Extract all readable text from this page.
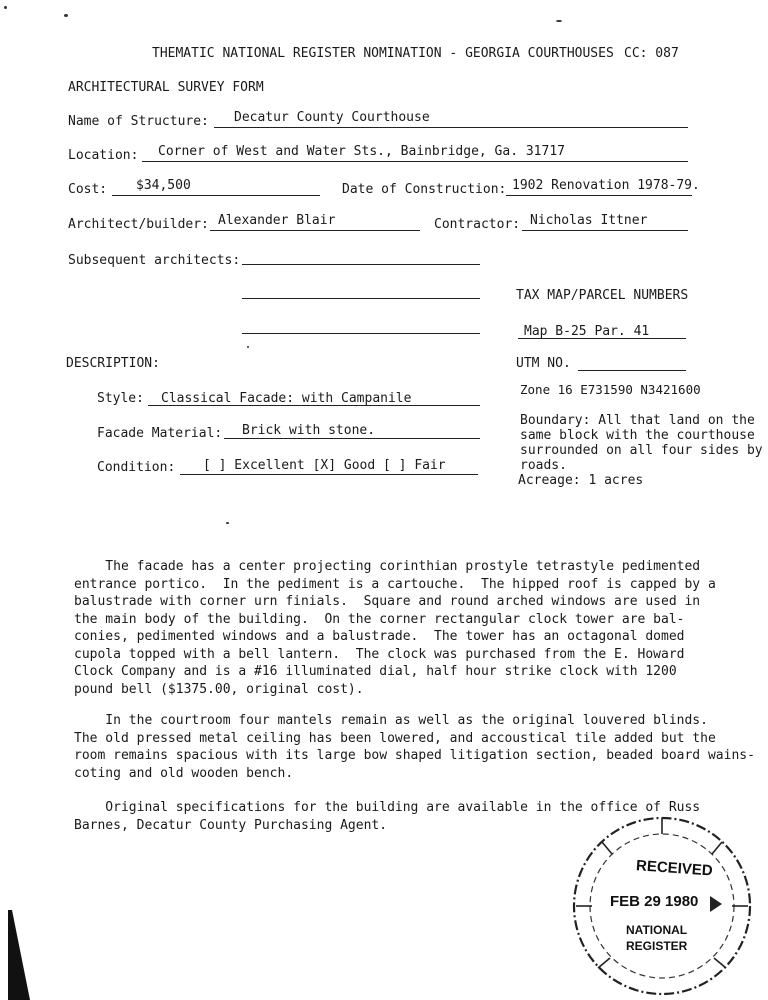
THEMATIC NATIONAL REGISTER NOMINATION - GEORGIA COURTHOUSES CC: 087
ARCHITECTURAL SURVEY FORM
Name of Structure: Decatur County Courthouse
Location: Corner of West and Water Sts., Bainbridge, Ga. 31717
Cost: $34,500	Date of Construction: 1902 Renovation 1978-79.
Architect/builder: Alexander Blair	Contractor: Nicholas Ittner
Subsequent architects:
TAX MAP/PARCEL NUMBERS
Map B-25 Par. 41
DESCRIPTION:	UTM NO.
Zone 16 E731590 N3421600
Boundary: All that land on the
same block with the courthouse
surrounded on all four sides by
roads.
Acreage: 1 acres
Style: Classical Facade: with Campanile
Facade Material: Brick with stone.
Condition: [ ] Excellent [X] Good [ ] Fair
The facade has a center projecting corinthian prostyle tetrastyle pedimented
entrance portico.  In the pediment is a cartouche.  The hipped roof is capped by a
balustrade with corner urn finials.  Square and round arched windows are used in
the main body of the building.  On the corner rectangular clock tower are bal-
conies, pedimented windows and a balustrade.  The tower has an octagonal domed
cupola topped with a bell lantern.  The clock was purchased from the E. Howard
Clock Company and is a #16 illuminated dial, half hour strike clock with 1200
pound bell ($1375.00, original cost).
In the courtroom four mantels remain as well as the original louvered blinds.
The old pressed metal ceiling has been lowered, and accoustical tile added but the
room remains spacious with its large bow shaped litigation section, beaded board wains-
coting and old wooden bench.
Original specifications for the building are available in the office of Russ
Barnes, Decatur County Purchasing Agent.
RECEIVED
FEB 29 1980
NATIONAL
REGISTER
